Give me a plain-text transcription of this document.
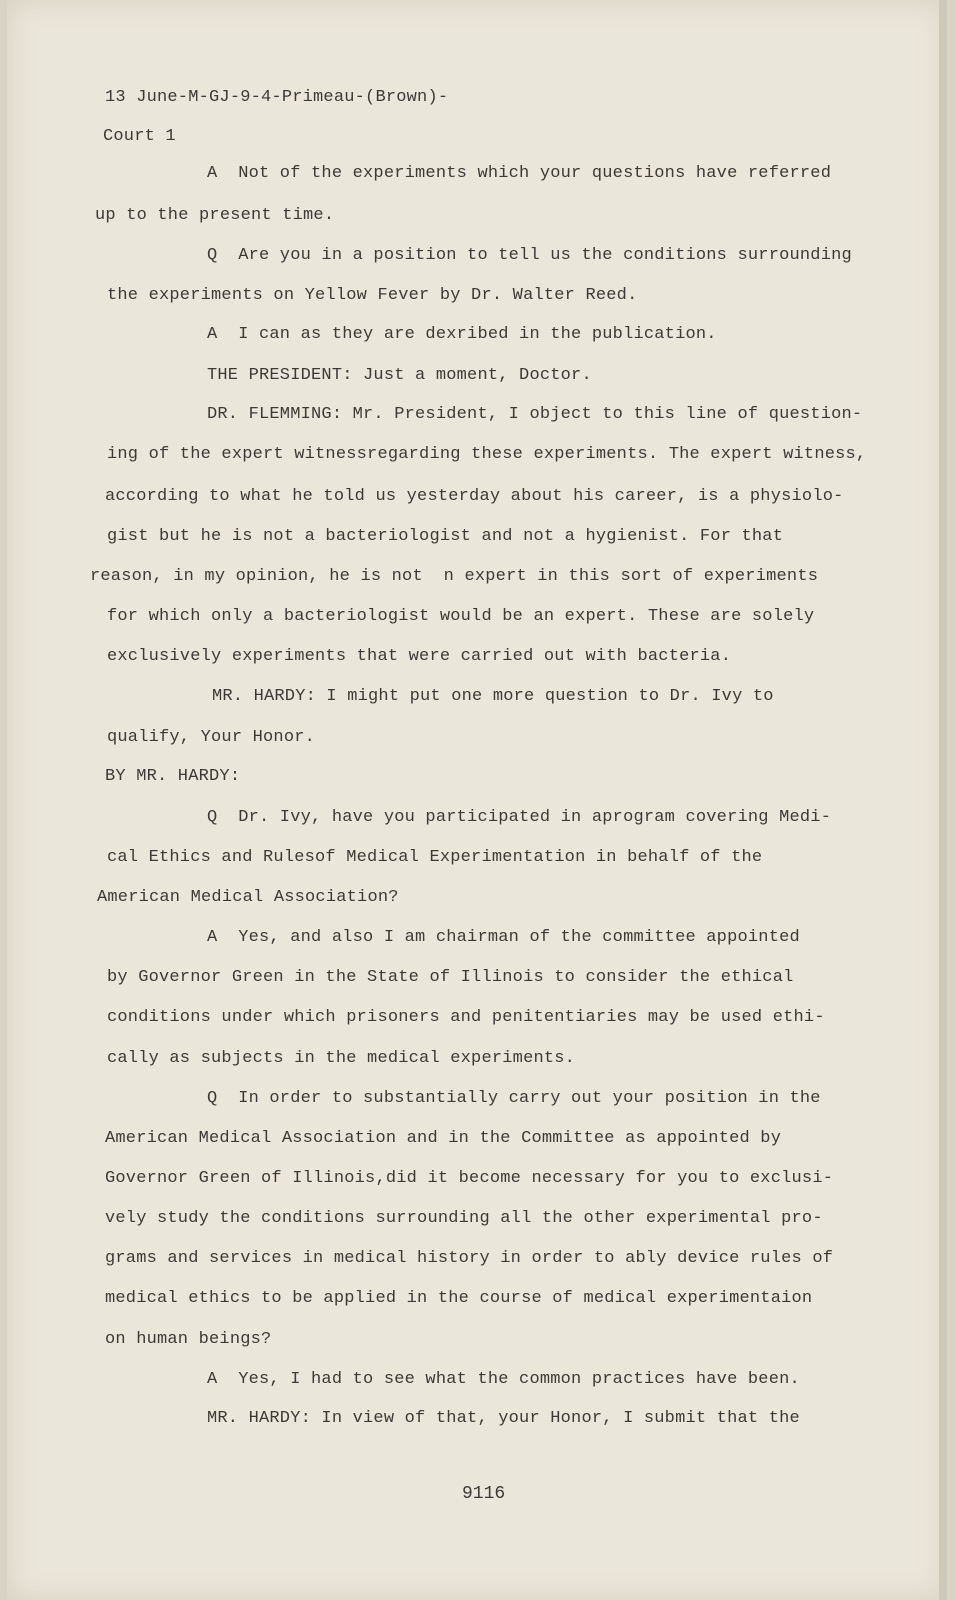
13 June-M-GJ-9-4-Primeau-(Brown)-
Court 1
A  Not of the experiments which your questions have referred
up to the present time.
Q  Are you in a position to tell us the conditions surrounding
the experiments on Yellow Fever by Dr. Walter Reed.
A  I can as they are dexribed in the publication.
THE PRESIDENT: Just a moment, Doctor.
DR. FLEMMING: Mr. President, I object to this line of question-
ing of the expert witnessregarding these experiments. The expert witness,
according to what he told us yesterday about his career, is a physiolo-
gist but he is not a bacteriologist and not a hygienist. For that
reason, in my opinion, he is not  n expert in this sort of experiments
for which only a bacteriologist would be an expert. These are solely
exclusively experiments that were carried out with bacteria.
MR. HARDY: I might put one more question to Dr. Ivy to
qualify, Your Honor.
BY MR. HARDY:
Q  Dr. Ivy, have you participated in aprogram covering Medi-
cal Ethics and Rulesof Medical Experimentation in behalf of the
American Medical Association?
A  Yes, and also I am chairman of the committee appointed
by Governor Green in the State of Illinois to consider the ethical
conditions under which prisoners and penitentiaries may be used ethi-
cally as subjects in the medical experiments.
Q  In order to substantially carry out your position in the
American Medical Association and in the Committee as appointed by
Governor Green of Illinois,did it become necessary for you to exclusi-
vely study the conditions surrounding all the other experimental pro-
grams and services in medical history in order to ably device rules of
medical ethics to be applied in the course of medical experimentaion
on human beings?
A  Yes, I had to see what the common practices have been.
MR. HARDY: In view of that, your Honor, I submit that the
9116
